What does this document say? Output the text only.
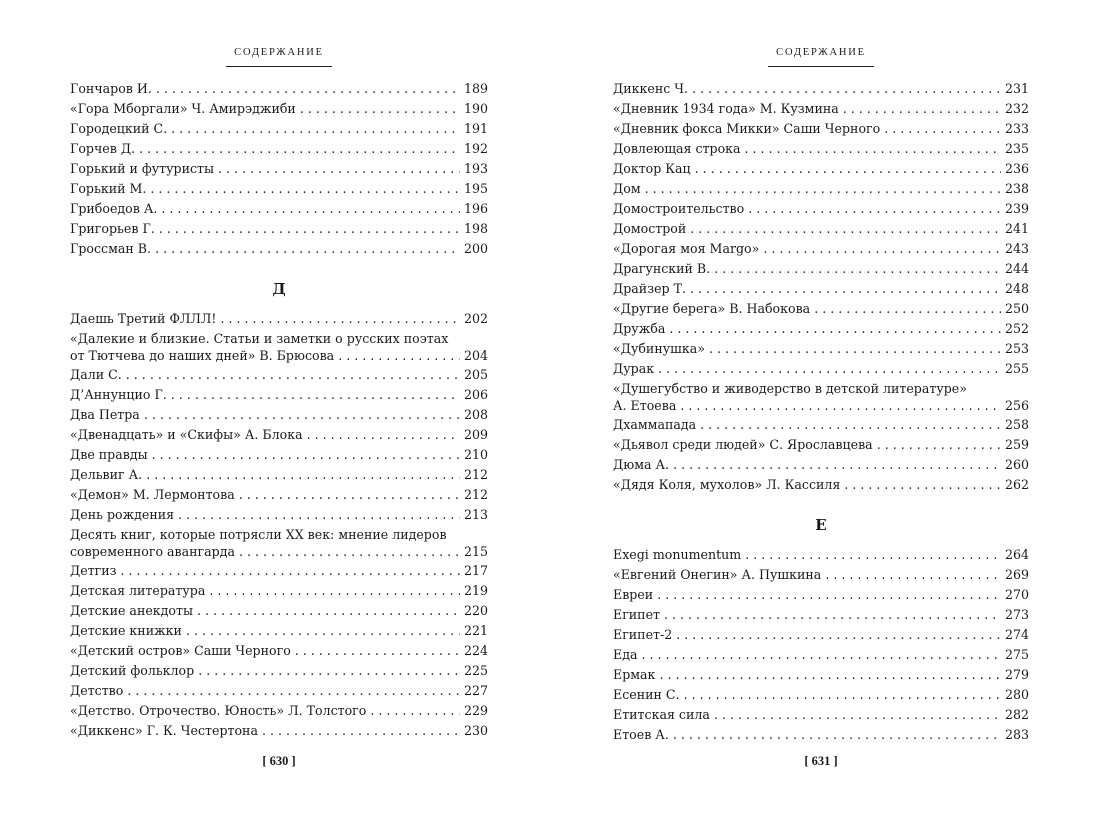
СОДЕРЖАНИЕ
Гончаров И. . . .	189
«Гора Мборгали» Ч. Амирэджиби . . .	190
Городецкий С. . . .	191
Горчев Д. . . .	192
Горький и футуристы . . .	193
Горький М. . . .	195
Грибоедов А. . . .	196
Григорьев Г. . . .	198
Гроссман В. . . .	200
Д
Даешь Третий ФЛЛЛ! . . .	202
«Далекие и близкие. Статьи и заметки о русских поэтах
от Тютчева до наших дней» В. Брюсова . . .	204
Дали С. . . .	205
Д’Аннунцио Г. . . .	206
Два Петра . . .	208
«Двенадцать» и «Скифы» А. Блока . . .	209
Две правды . . .	210
Дельвиг А. . . .	212
«Демон» М. Лермонтова . . .	212
День рождения . . .	213
Десять книг, которые потрясли XX век: мнение лидеров
современного авангарда . . .	215
Детгиз . . .	217
Детская литература . . .	219
Детские анекдоты . . .	220
Детские книжки . . .	221
«Детский остров» Саши Черного . . .	224
Детский фольклор . . .	225
Детство . . .	227
«Детство. Отрочество. Юность» Л. Толстого . . .	229
«Диккенс» Г. К. Честертона . . .	230
[ 630 ]
СОДЕРЖАНИЕ
Диккенс Ч. . . .	231
«Дневник 1934 года» М. Кузмина . . .	232
«Дневник фокса Микки» Саши Черного . . .	233
Довлеющая строка . . .	235
Доктор Кац . . .	236
Дом . . .	238
Домостроительство . . .	239
Домострой . . .	241
«Дорогая моя Margo» . . .	243
Драгунский В. . . .	244
Драйзер Т. . . .	248
«Другие берега» В. Набокова . . .	250
Дружба . . .	252
«Дубинушка» . . .	253
Дурак . . .	255
«Душегубство и живодерство в детской литературе»
А. Етоева . . .	256
Дхаммапада . . .	258
«Дьявол среди людей» С. Ярославцева . . .	259
Дюма А. . . .	260
«Дядя Коля, мухолов» Л. Кассиля . . .	262
Е
Exegi monumentum . . .	264
«Евгений Онегин» А. Пушкина . . .	269
Евреи . . .	270
Египет . . .	273
Египет-2 . . .	274
Еда . . .	275
Ермак . . .	279
Есенин С. . . .	280
Етитская сила . . .	282
Етоев А. . . .	283
[ 631 ]
